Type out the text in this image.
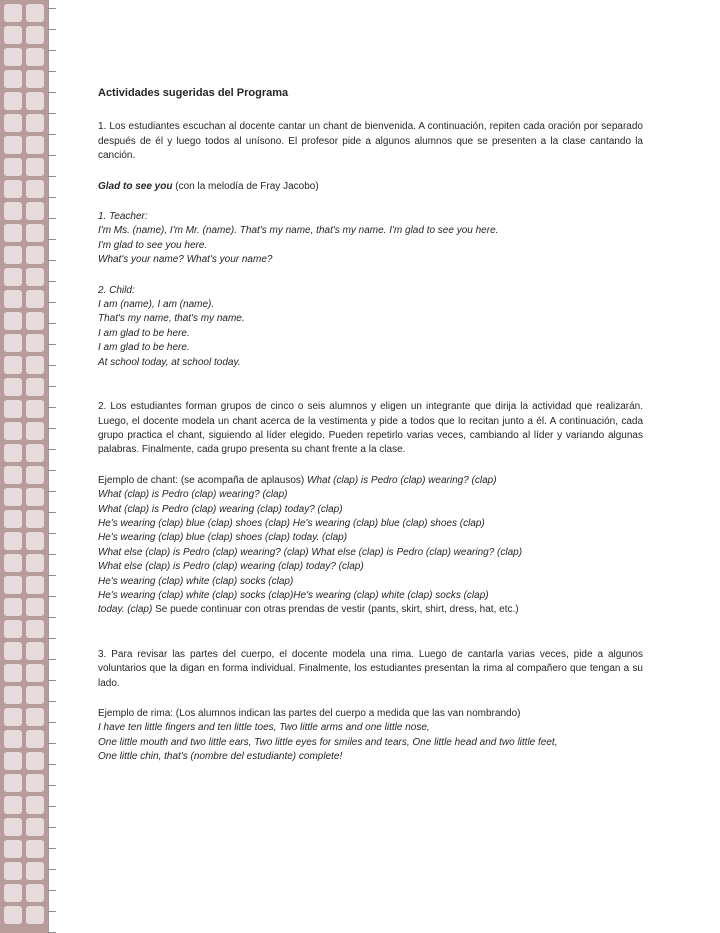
Actividades sugeridas del Programa

1. Los estudiantes escuchan al docente cantar un chant de bienvenida. A continuación, repiten cada oración por separado después de él y luego todos al unísono. El profesor pide a algunos alumnos que se presenten a la clase cantando la canción.

Glad to see you (con la melodía de Fray Jacobo)

1. Teacher:
I'm Ms. (name), I'm Mr. (name). That's my name, that's my name. I'm glad to see you here.
I'm glad to see you here.
What's your name? What's your name?
2. Child:
I am (name), I am (name).
That's my name, that's my name.
I am glad to be here.
I am glad to be here.
At school today, at school today.

2. Los estudiantes forman grupos de cinco o seis alumnos y eligen un integrante que dirija la actividad que realizarán. Luego, el docente modela un chant acerca de la vestimenta y pide a todos que lo recitan junto a él. A continuación, cada grupo practica el chant, siguiendo al líder elegido. Pueden repetirlo varias veces, cambiando al líder y variando algunas palabras. Finalmente, cada grupo presenta su chant frente a la clase.

Ejemplo de chant: (se acompaña de aplausos) What (clap) is Pedro (clap) wearing? (clap)
What (clap) is Pedro (clap) wearing? (clap)
What (clap) is Pedro (clap) wearing (clap) today? (clap)
He's wearing (clap) blue (clap) shoes (clap) He's wearing (clap) blue (clap) shoes (clap)
He's wearing (clap) blue (clap) shoes (clap) today. (clap)
What else (clap) is Pedro (clap) wearing? (clap) What else (clap) is Pedro (clap) wearing? (clap)
What else (clap) is Pedro (clap) wearing (clap) today? (clap)
He's wearing (clap) white (clap) socks (clap)
He's wearing (clap) white (clap) socks (clap)He's wearing (clap) white (clap) socks (clap)
today. (clap) Se puede continuar con otras prendas de vestir (pants, skirt, shirt, dress, hat, etc.)

3. Para revisar las partes del cuerpo, el docente modela una rima. Luego de cantarla varias veces, pide a algunos voluntarios que la digan en forma individual. Finalmente, los estudiantes presentan la rima al compañero que tengan a su lado.

Ejemplo de rima: (Los alumnos indican las partes del cuerpo a medida que las van nombrando)

I have ten little fingers and ten little toes, Two little arms and one little nose,
One little mouth and two little ears, Two little eyes for smiles and tears, One little head and two little feet,
One little chin, that's (nombre del estudiante) complete!
